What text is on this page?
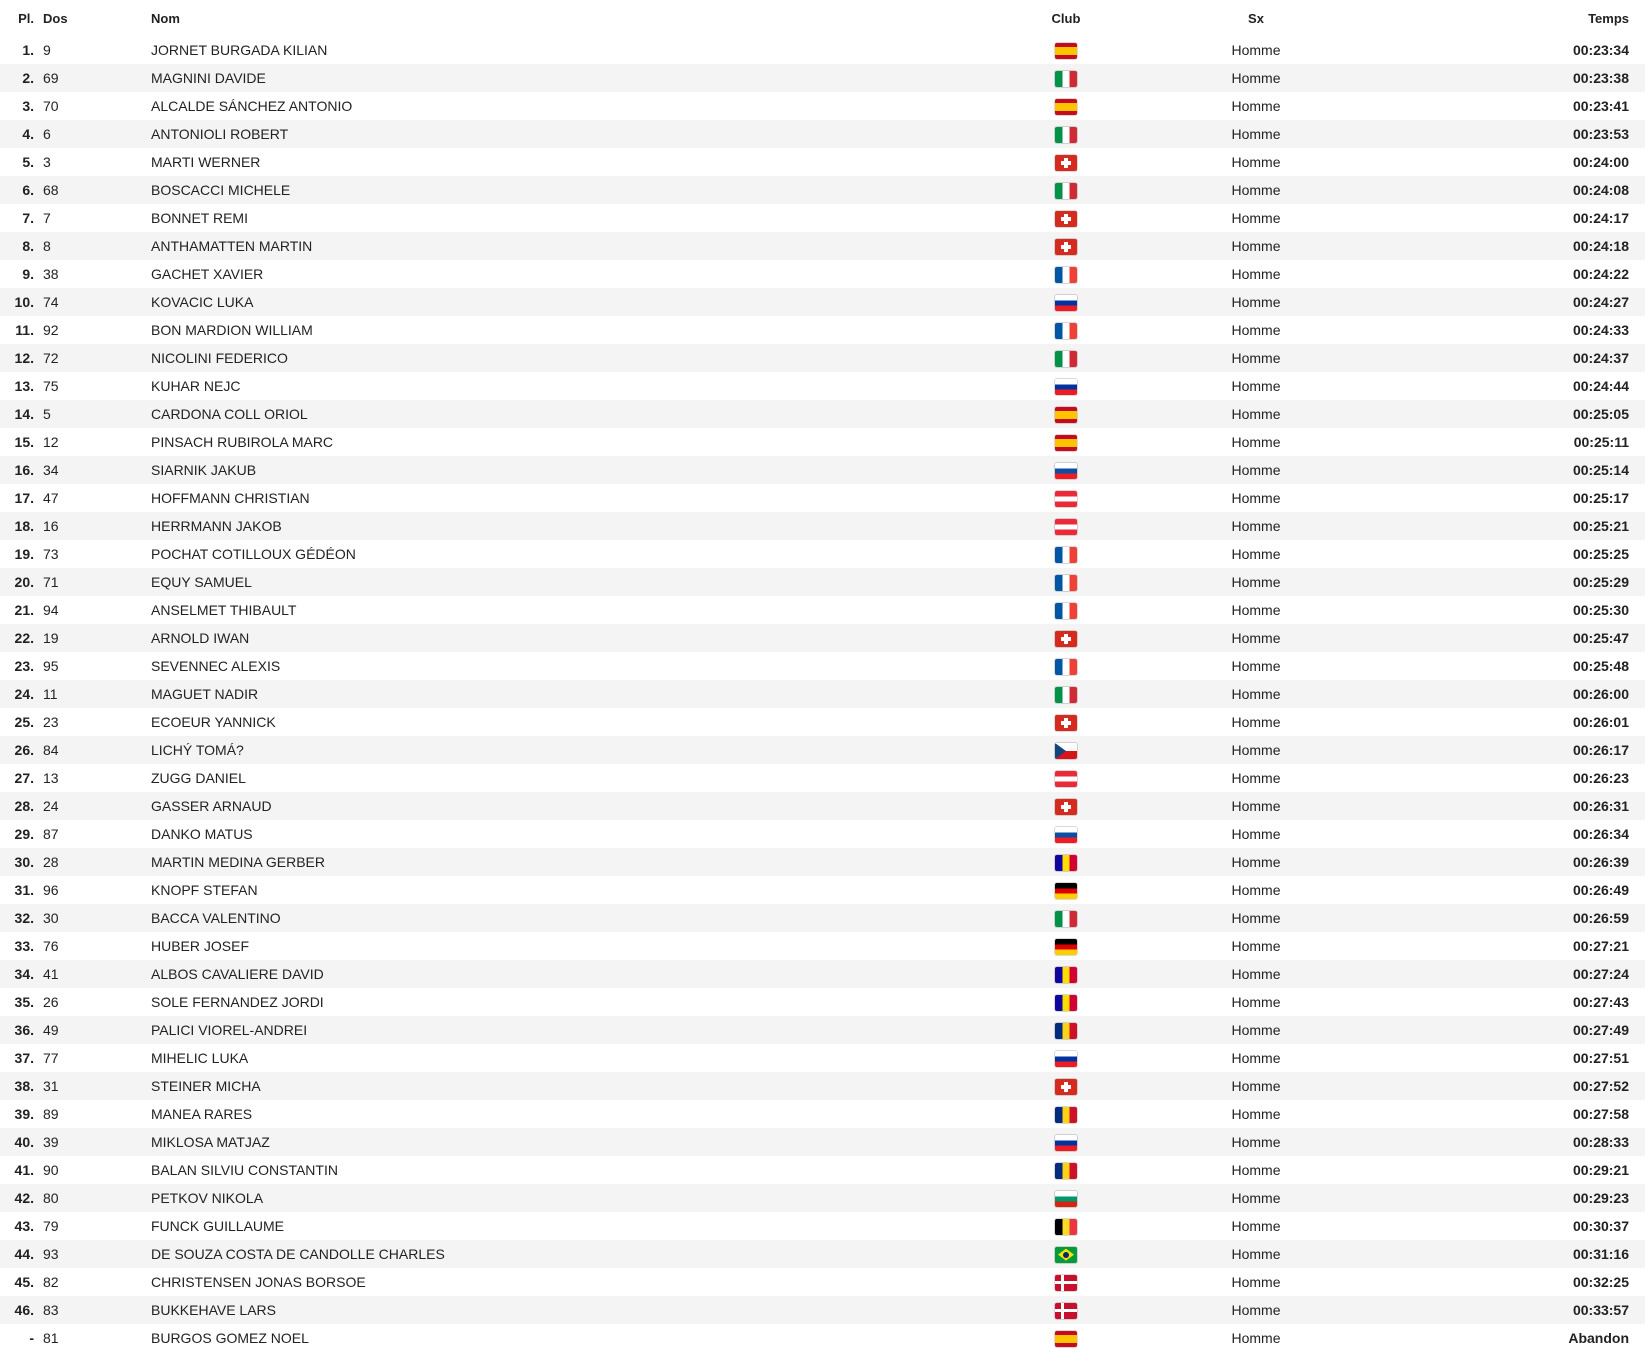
Pl.	Dos	Nom	Club	Sx	Temps
1.	9	JORNET BURGADA KILIAN		Homme	00:23:34
2.	69	MAGNINI DAVIDE		Homme	00:23:38
3.	70	ALCALDE SÁNCHEZ ANTONIO		Homme	00:23:41
4.	6	ANTONIOLI ROBERT		Homme	00:23:53
5.	3	MARTI WERNER		Homme	00:24:00
6.	68	BOSCACCI MICHELE		Homme	00:24:08
7.	7	BONNET REMI		Homme	00:24:17
8.	8	ANTHAMATTEN MARTIN		Homme	00:24:18
9.	38	GACHET XAVIER		Homme	00:24:22
10.	74	KOVACIC LUKA		Homme	00:24:27
11.	92	BON MARDION WILLIAM		Homme	00:24:33
12.	72	NICOLINI FEDERICO		Homme	00:24:37
13.	75	KUHAR NEJC		Homme	00:24:44
14.	5	CARDONA COLL ORIOL		Homme	00:25:05
15.	12	PINSACH RUBIROLA MARC		Homme	00:25:11
16.	34	SIARNIK JAKUB		Homme	00:25:14
17.	47	HOFFMANN CHRISTIAN		Homme	00:25:17
18.	16	HERRMANN JAKOB		Homme	00:25:21
19.	73	POCHAT COTILLOUX GÉDÉON		Homme	00:25:25
20.	71	EQUY SAMUEL		Homme	00:25:29
21.	94	ANSELMET THIBAULT		Homme	00:25:30
22.	19	ARNOLD IWAN		Homme	00:25:47
23.	95	SEVENNEC ALEXIS		Homme	00:25:48
24.	11	MAGUET NADIR		Homme	00:26:00
25.	23	ECOEUR YANNICK		Homme	00:26:01
26.	84	LICHÝ TOMÁ?		Homme	00:26:17
27.	13	ZUGG DANIEL		Homme	00:26:23
28.	24	GASSER ARNAUD		Homme	00:26:31
29.	87	DANKO MATUS		Homme	00:26:34
30.	28	MARTIN MEDINA GERBER		Homme	00:26:39
31.	96	KNOPF STEFAN		Homme	00:26:49
32.	30	BACCA VALENTINO		Homme	00:26:59
33.	76	HUBER JOSEF		Homme	00:27:21
34.	41	ALBOS CAVALIERE DAVID		Homme	00:27:24
35.	26	SOLE FERNANDEZ JORDI		Homme	00:27:43
36.	49	PALICI VIOREL-ANDREI		Homme	00:27:49
37.	77	MIHELIC LUKA		Homme	00:27:51
38.	31	STEINER MICHA		Homme	00:27:52
39.	89	MANEA RARES		Homme	00:27:58
40.	39	MIKLOSA MATJAZ		Homme	00:28:33
41.	90	BALAN SILVIU CONSTANTIN		Homme	00:29:21
42.	80	PETKOV NIKOLA		Homme	00:29:23
43.	79	FUNCK GUILLAUME		Homme	00:30:37
44.	93	DE SOUZA COSTA DE CANDOLLE CHARLES		Homme	00:31:16
45.	82	CHRISTENSEN JONAS BORSOE		Homme	00:32:25
46.	83	BUKKEHAVE LARS		Homme	00:33:57
-	81	BURGOS GOMEZ NOEL		Homme	Abandon
